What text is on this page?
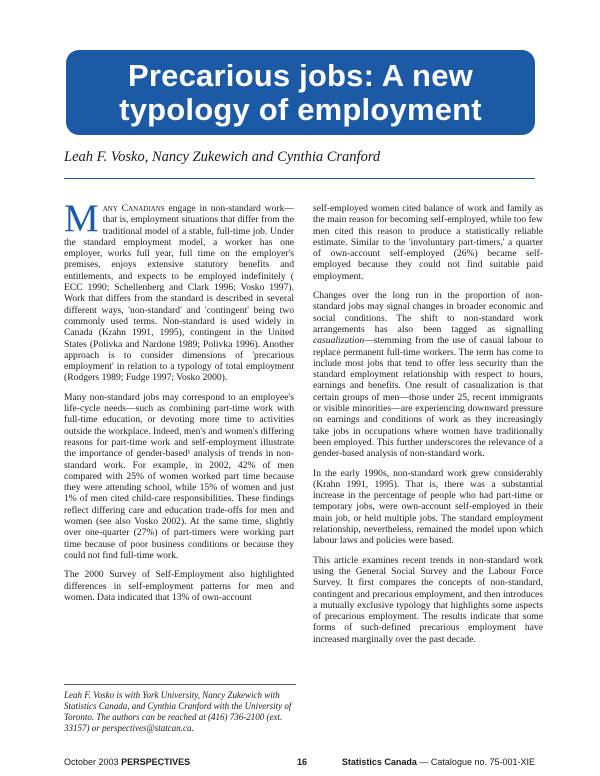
Precarious jobs: A new
typology of employment
Leah F. Vosko, Nancy Zukewich and Cynthia Cranford

Many Canadians engage in non-standard work—that is, employment situations that differ from the traditional model of a stable, full-time job. Under the standard employment model, a worker has one employer, works full year, full time on the employer's premises, enjoys extensive statutory benefits and entitlements, and expects to be employed indefinitely ( ECC 1990; Schellenberg and Clark 1996; Vosko 1997). Work that differs from the standard is described in several different ways, 'non-standard' and 'contingent' being two commonly used terms. Non-standard is used widely in Canada (Krahn 1991, 1995), contingent in the United States (Polivka and Nardone 1989; Polivka 1996). Another approach is to consider dimensions of 'precarious employment' in relation to a typology of total employment (Rodgers 1989; Fudge 1997; Vosko 2000).

Many non-standard jobs may correspond to an employee's life-cycle needs—such as combining part-time work with full-time education, or devoting more time to activities outside the workplace. Indeed, men's and women's differing reasons for part-time work and self-employment illustrate the importance of gender-based¹ analysis of trends in non-standard work. For example, in 2002, 42% of men compared with 25% of women worked part time because they were attending school, while 15% of women and just 1% of men cited child-care responsibilities. These findings reflect differing care and education trade-offs for men and women (see also Vosko 2002). At the same time, slightly over one-quarter (27%) of part-timers were working part time because of poor business conditions or because they could not find full-time work.

The 2000 Survey of Self-Employment also highlighted differences in self-employment patterns for men and women. Data indicated that 13% of own-account

Leah F. Vosko is with York University, Nancy Zukewich with Statistics Canada, and Cynthia Cranford with the University of Toronto. The authors can be reached at (416) 736-2100 (ext. 33157) or perspectives@statcan.ca.

self-employed women cited balance of work and family as the main reason for becoming self-employed, while too few men cited this reason to produce a statistically reliable estimate. Similar to the 'involuntary part-timers,' a quarter of own-account self-employed (26%) became self-employed because they could not find suitable paid employment.

Changes over the long run in the proportion of non-standard jobs may signal changes in broader economic and social conditions. The shift to non-standard work arrangements has also been tagged as signalling casualization—stemming from the use of casual labour to replace permanent full-time workers. The term has come to include most jobs that tend to offer less security than the standard employment relationship with respect to hours, earnings and benefits. One result of casualization is that certain groups of men—those under 25, recent immigrants or visible minorities—are experiencing downward pressure on earnings and conditions of work as they increasingly take jobs in occupations where women have traditionally been employed. This further underscores the relevance of a gender-based analysis of non-standard work.

In the early 1990s, non-standard work grew considerably (Krahn 1991, 1995). That is, there was a substantial increase in the percentage of people who had part-time or temporary jobs, were own-account self-employed in their main job, or held multiple jobs. The standard employment relationship, nevertheless, remained the model upon which labour laws and policies were based.

This article examines recent trends in non-standard work using the General Social Survey and the Labour Force Survey. It first compares the concepts of non-standard, contingent and precarious employment, and then introduces a mutually exclusive typology that highlights some aspects of precarious employment. The results indicate that some forms of such-defined precarious employment have increased marginally over the past decade.

October 2003 PERSPECTIVES	16	Statistics Canada — Catalogue no. 75-001-XIE
